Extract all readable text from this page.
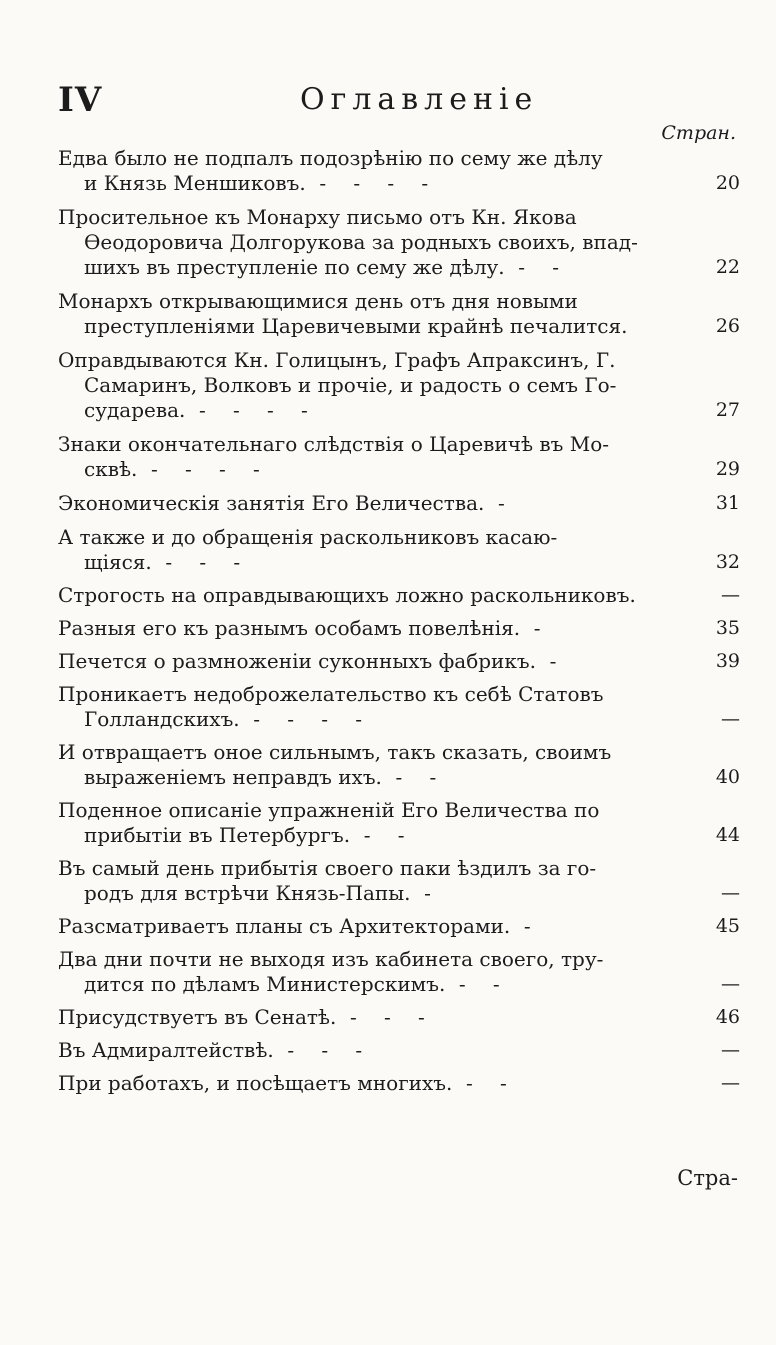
IV	Оглавленіе
Стран.
Едва было не подпалъ подозрѣнію по сему же дѣлу
и Князь Меншиковъ. - - - -	20
Просительное къ Монарху письмо отъ Кн. Якова
Ѳеодоровича Долгорукова за родныхъ своихъ, впад-
шихъ въ преступленіе по сему же дѣлу. - -	22
Монархъ открывающимися день отъ дня новыми
преступленіями Царевичевыми крайнѣ печалится.	26
Оправдываются Кн. Голицынъ, Графъ Апраксинъ, Г.
Самаринъ, Волковъ и прочіе, и радость о семъ Го-
сударева. - - - -	27
Знаки окончательнаго слѣдствія о Царевичѣ въ Мо-
сквѣ. - - - -	29
Экономическія занятія Его Величества. -	31
А также и до обращенія раскольниковъ касаю-
щіяся. - - -	32
Строгость на оправдывающихъ ложно раскольниковъ.	—
Разныя его къ разнымъ особамъ повелѣнія. -	35
Печется о размноженіи суконныхъ фабрикъ. -	39
Проникаетъ недоброжелательство къ себѣ Статовъ
Голландскихъ. - - - -	—
И отвращаетъ оное сильнымъ, такъ сказать, своимъ
выраженіемъ неправдъ ихъ. - -	40
Поденное описаніе упражненій Его Величества по
прибытіи въ Петербургъ. - -	44
Въ самый день прибытія своего паки ѣздилъ за го-
родъ для встрѣчи Князь-Папы. -	—
Разсматриваетъ планы съ Архитекторами. -	45
Два дни почти не выходя изъ кабинета своего, тру-
дится по дѣламъ Министерскимъ. - -	—
Присудствуетъ въ Сенатѣ. - - -	46
Въ Адмиралтействѣ. - - -	—
При работахъ, и посѣщаетъ многихъ. - -	—
Стра-
